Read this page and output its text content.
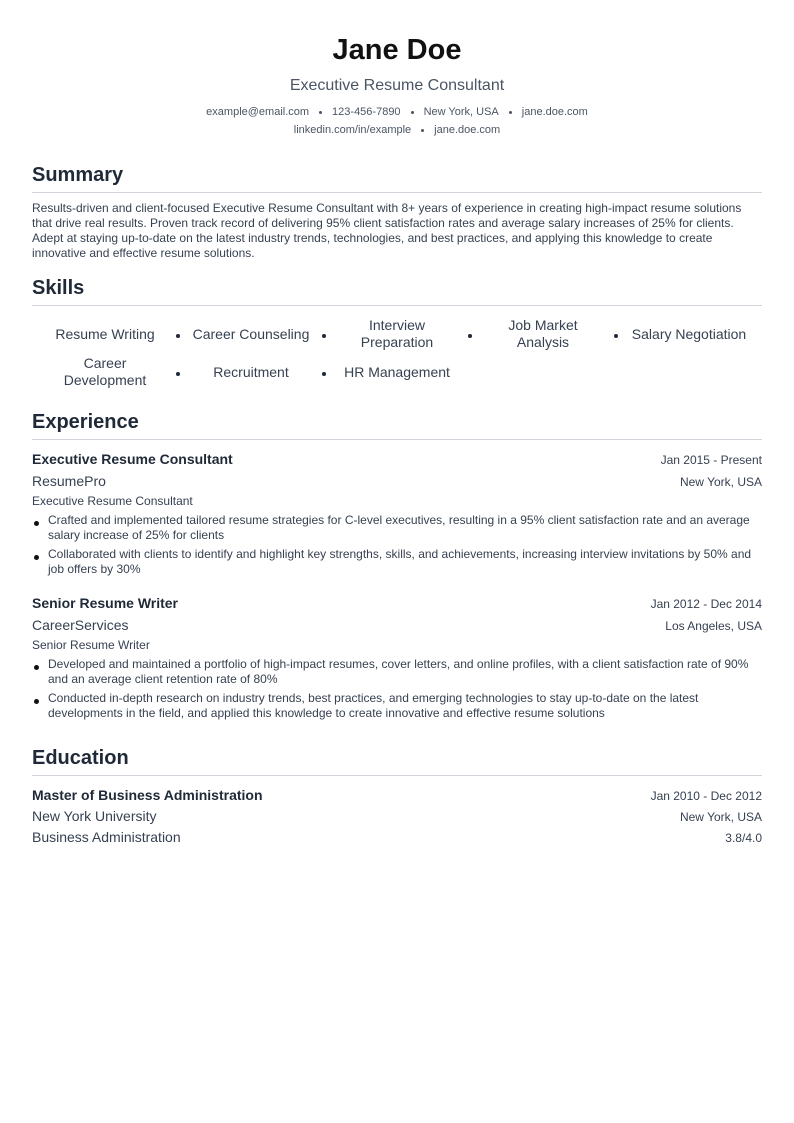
Jane Doe
Executive Resume Consultant
example@email.com 123-456-7890 New York, USA jane.doe.com
linkedin.com/in/example jane.doe.com
Summary
Results-driven and client-focused Executive Resume Consultant with 8+ years of experience in creating high-impact resume solutions that drive real results. Proven track record of delivering 95% client satisfaction rates and average salary increases of 25% for clients. Adept at staying up-to-date on the latest industry trends, technologies, and best practices, and applying this knowledge to create innovative and effective resume solutions.
Skills
Resume Writing	Career Counseling
Interview Preparation
Job Market Analysis
Salary Negotiation
Career Development
Recruitment	HR Management
Experience
Executive Resume Consultant	Jan 2015 - Present
ResumePro	New York, USA
Executive Resume Consultant
Crafted and implemented tailored resume strategies for C-level executives, resulting in a 95% client satisfaction rate and an average salary increase of 25% for clients
Collaborated with clients to identify and highlight key strengths, skills, and achievements, increasing interview invitations by 50% and job offers by 30%
Senior Resume Writer	Jan 2012 - Dec 2014
CareerServices	Los Angeles, USA
Senior Resume Writer
Developed and maintained a portfolio of high-impact resumes, cover letters, and online profiles, with a client satisfaction rate of 90% and an average client retention rate of 80%
Conducted in-depth research on industry trends, best practices, and emerging technologies to stay up-to-date on the latest developments in the field, and applied this knowledge to create innovative and effective resume solutions
Education
Master of Business Administration	Jan 2010 - Dec 2012
New York University	New York, USA
Business Administration	3.8/4.0
